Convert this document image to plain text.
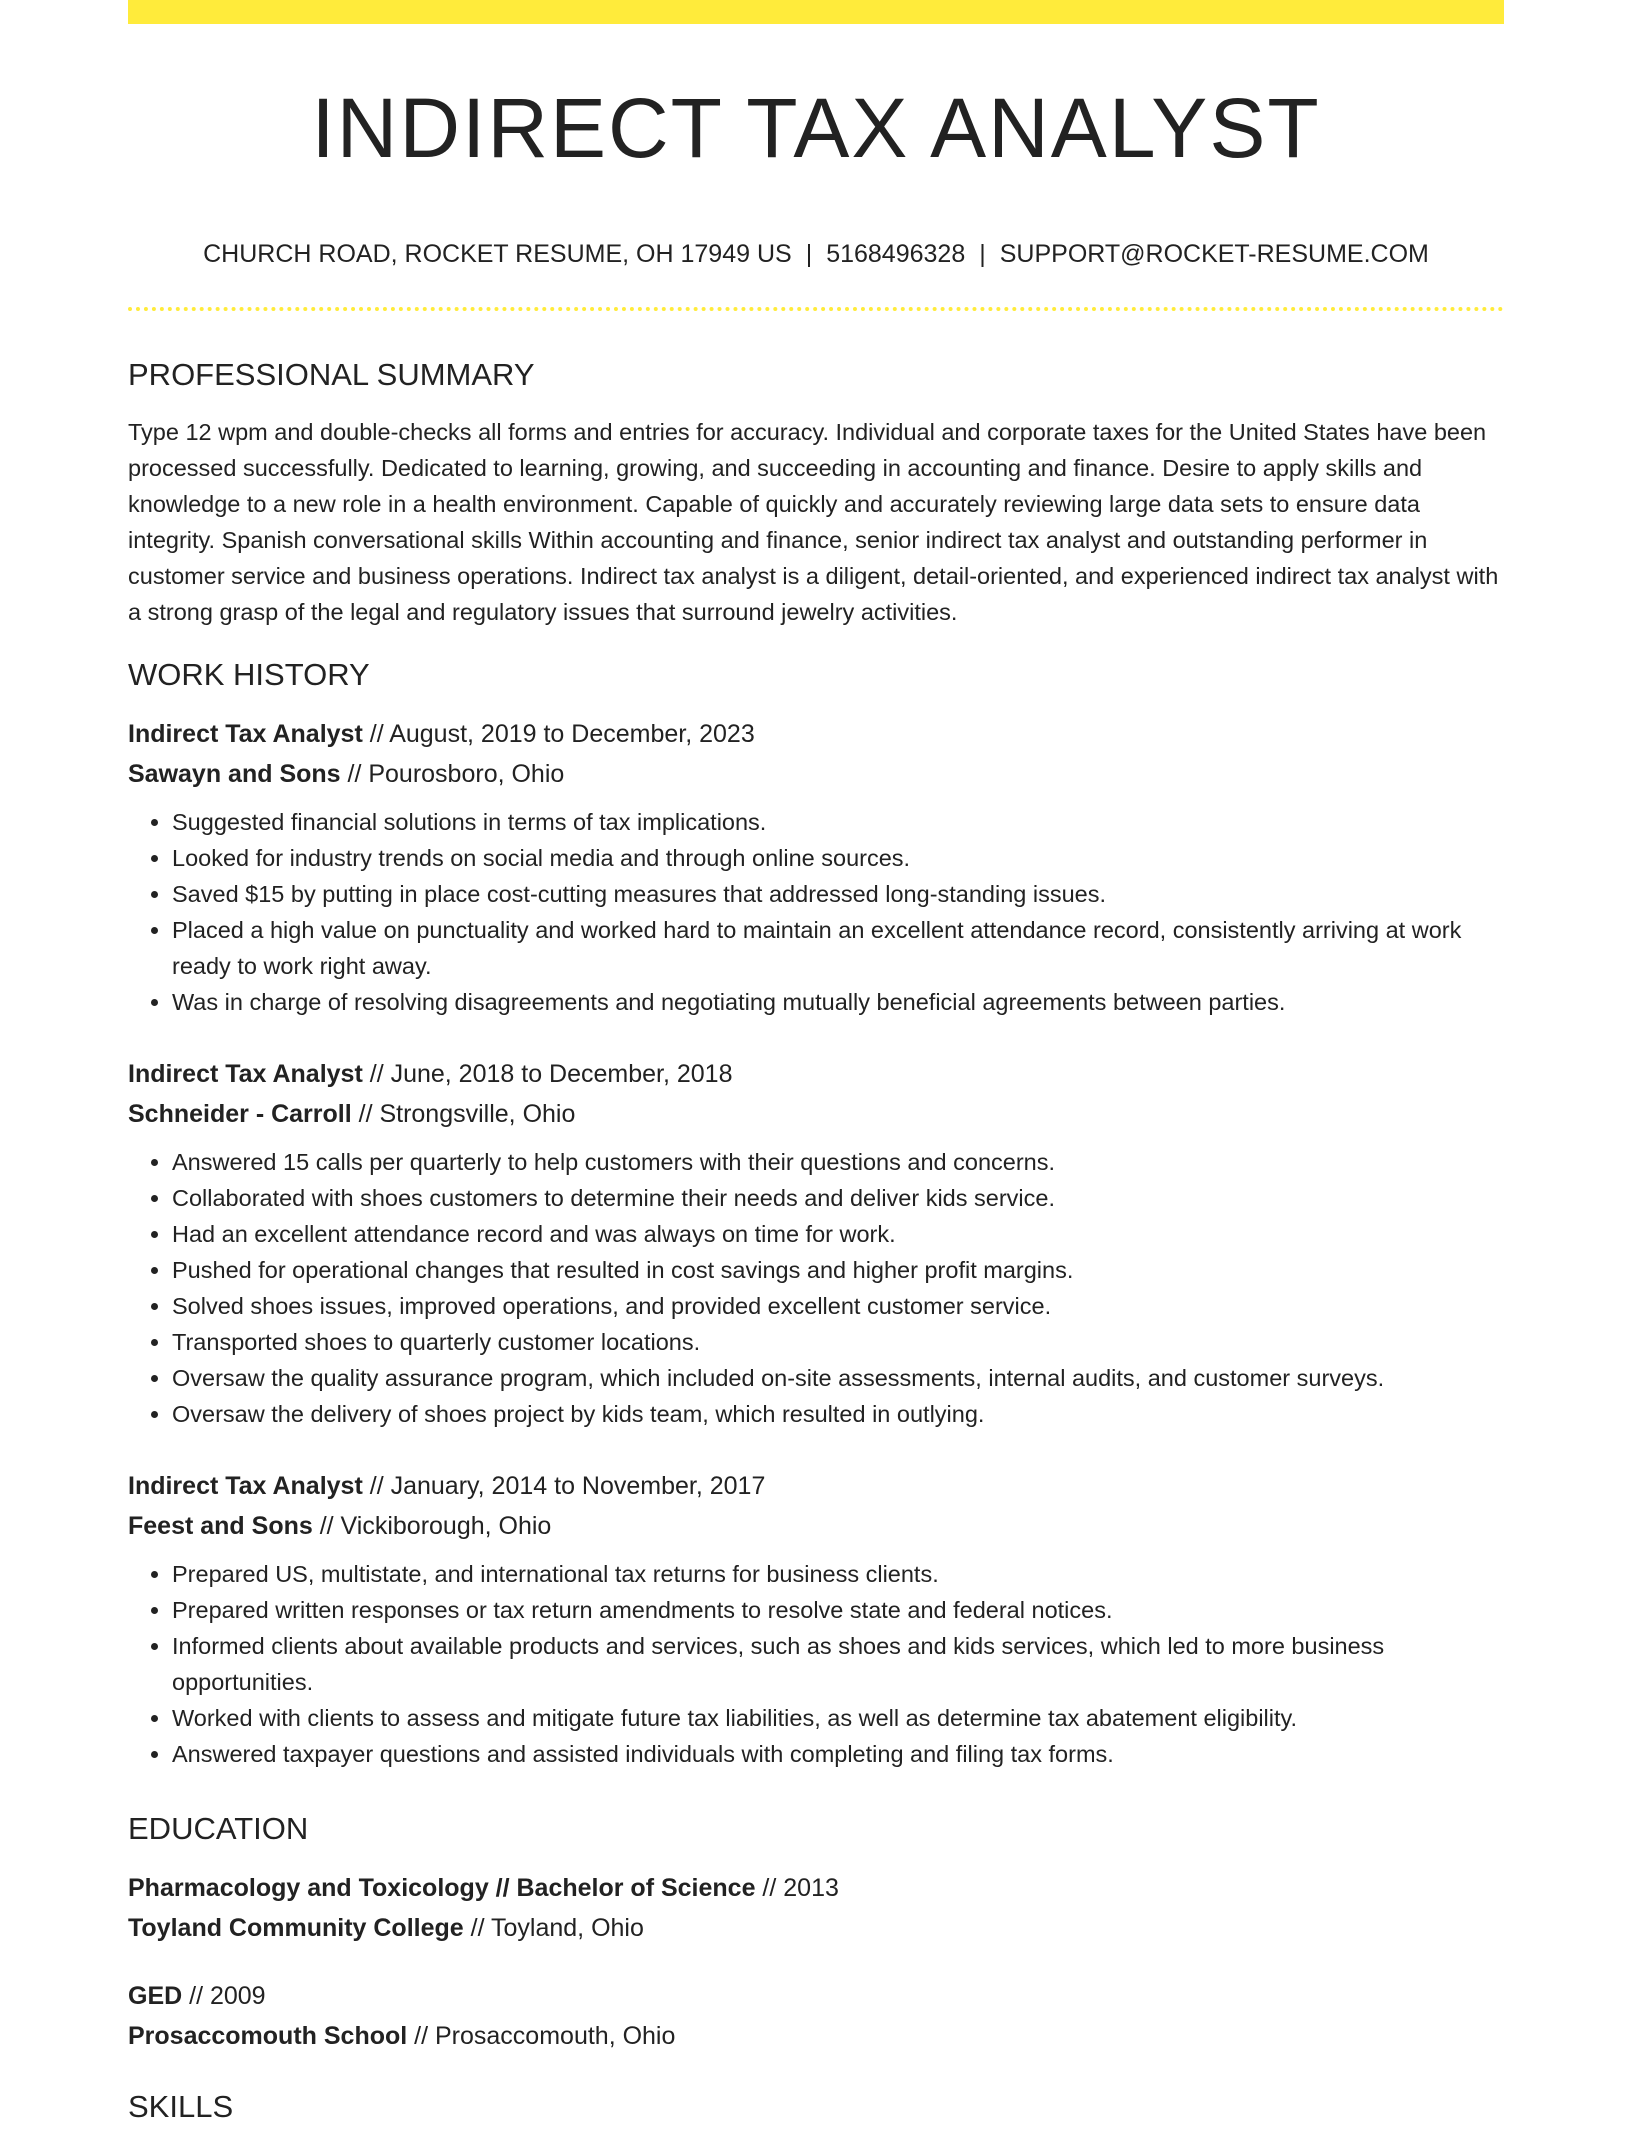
INDIRECT TAX ANALYST
CHURCH ROAD, ROCKET RESUME, OH 17949 US | 5168496328 | SUPPORT@ROCKET-RESUME.COM
PROFESSIONAL SUMMARY

Type 12 wpm and double-checks all forms and entries for accuracy. Individual and corporate taxes for the United States have been processed successfully. Dedicated to learning, growing, and succeeding in accounting and finance. Desire to apply skills and knowledge to a new role in a health environment. Capable of quickly and accurately reviewing large data sets to ensure data integrity. Spanish conversational skills Within accounting and finance, senior indirect tax analyst and outstanding performer in customer service and business operations. Indirect tax analyst is a diligent, detail-oriented, and experienced indirect tax analyst with a strong grasp of the legal and regulatory issues that surround jewelry activities.

WORK HISTORY
Indirect Tax Analyst // August, 2019 to December, 2023
Sawayn and Sons // Pourosboro, Ohio
• Suggested financial solutions in terms of tax implications.
• Looked for industry trends on social media and through online sources.
• Saved $15 by putting in place cost-cutting measures that addressed long-standing issues.
• Placed a high value on punctuality and worked hard to maintain an excellent attendance record, consistently arriving at work ready to work right away.
• Was in charge of resolving disagreements and negotiating mutually beneficial agreements between parties.
Indirect Tax Analyst // June, 2018 to December, 2018
Schneider - Carroll // Strongsville, Ohio
• Answered 15 calls per quarterly to help customers with their questions and concerns.
• Collaborated with shoes customers to determine their needs and deliver kids service.
• Had an excellent attendance record and was always on time for work.
• Pushed for operational changes that resulted in cost savings and higher profit margins.
• Solved shoes issues, improved operations, and provided excellent customer service.
• Transported shoes to quarterly customer locations.
• Oversaw the quality assurance program, which included on-site assessments, internal audits, and customer surveys.
• Oversaw the delivery of shoes project by kids team, which resulted in outlying.
Indirect Tax Analyst // January, 2014 to November, 2017
Feest and Sons // Vickiborough, Ohio
• Prepared US, multistate, and international tax returns for business clients.
• Prepared written responses or tax return amendments to resolve state and federal notices.
• Informed clients about available products and services, such as shoes and kids services, which led to more business opportunities.
• Worked with clients to assess and mitigate future tax liabilities, as well as determine tax abatement eligibility.
• Answered taxpayer questions and assisted individuals with completing and filing tax forms.
EDUCATION
Pharmacology and Toxicology // Bachelor of Science // 2013
Toyland Community College // Toyland, Ohio
GED // 2009
Prosaccomouth School // Prosaccomouth, Ohio
SKILLS
